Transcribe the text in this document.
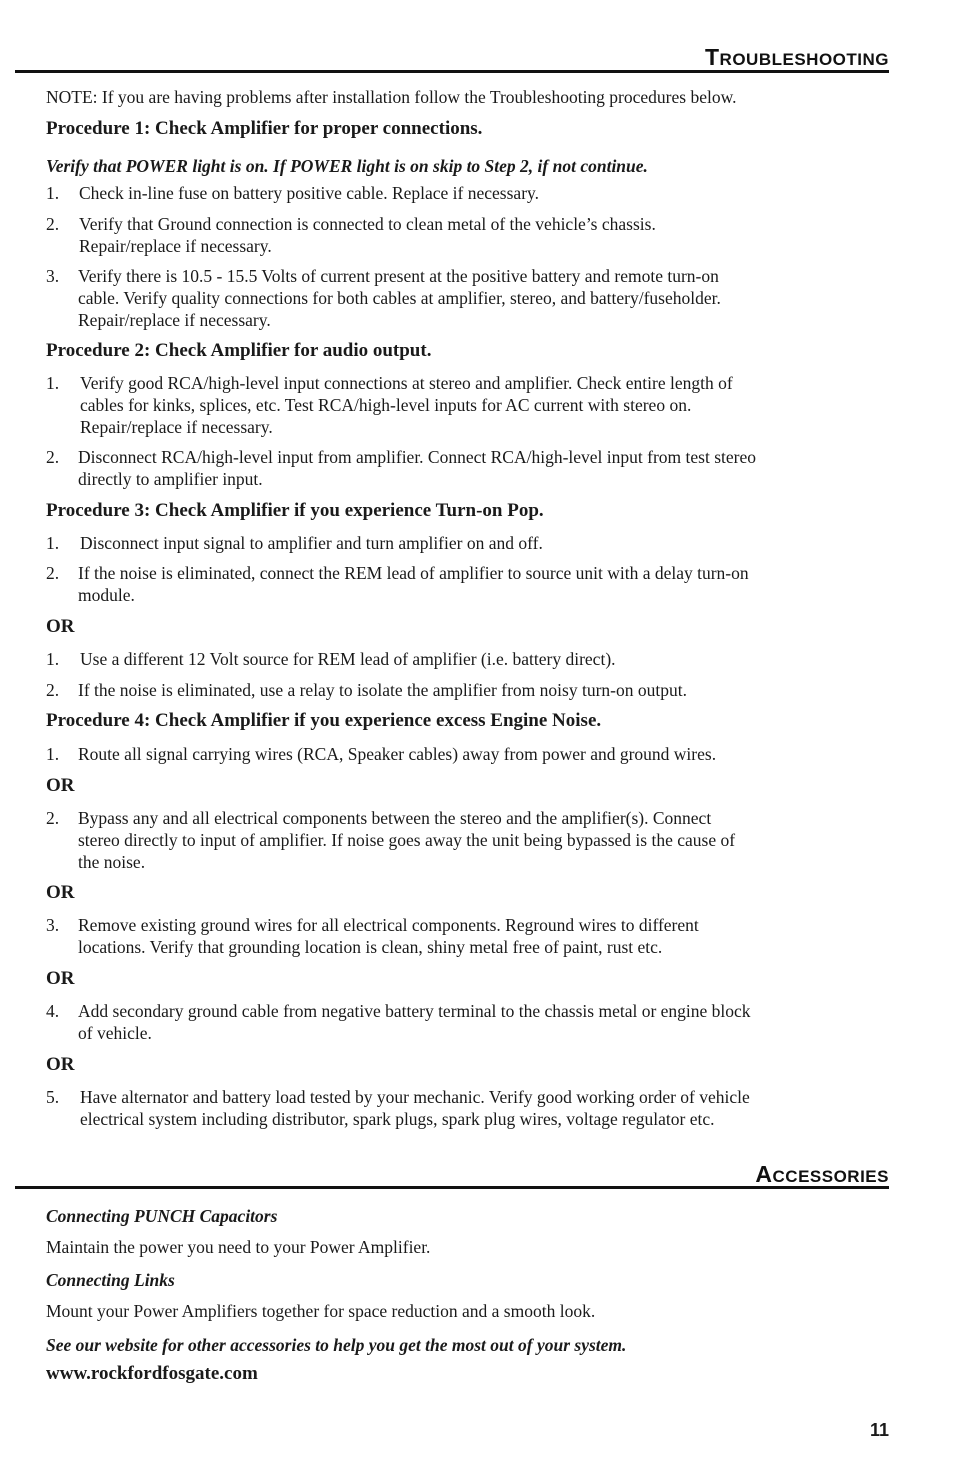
TROUBLESHOOTING
NOTE: If you are having problems after installation follow the Troubleshooting procedures below.
Procedure 1: Check Amplifier for proper connections.
Verify that POWER light is on. If POWER light is on skip to Step 2, if not continue.
1. Check in-line fuse on battery positive cable. Replace if necessary.
2. Verify that Ground connection is connected to clean metal of the vehicle’s chassis.
Repair/replace if necessary.
3. Verify there is 10.5 - 15.5 Volts of current present at the positive battery and remote turn-on
cable. Verify quality connections for both cables at amplifier, stereo, and battery/fuseholder.
Repair/replace if necessary.
Procedure 2: Check Amplifier for audio output.
1. Verify good RCA/high-level input connections at stereo and amplifier. Check entire length of
cables for kinks, splices, etc. Test RCA/high-level inputs for AC current with stereo on.
Repair/replace if necessary.
2. Disconnect RCA/high-level input from amplifier. Connect RCA/high-level input from test stereo
directly to amplifier input.
Procedure 3: Check Amplifier if you experience Turn-on Pop.
1. Disconnect input signal to amplifier and turn amplifier on and off.
2. If the noise is eliminated, connect the REM lead of amplifier to source unit with a delay turn-on
module.
OR
1. Use a different 12 Volt source for REM lead of amplifier (i.e. battery direct).
2. If the noise is eliminated, use a relay to isolate the amplifier from noisy turn-on output.
Procedure 4: Check Amplifier if you experience excess Engine Noise.
1. Route all signal carrying wires (RCA, Speaker cables) away from power and ground wires.
OR
2. Bypass any and all electrical components between the stereo and the amplifier(s). Connect
stereo directly to input of amplifier. If noise goes away the unit being bypassed is the cause of
the noise.
OR
3. Remove existing ground wires for all electrical components. Reground wires to different
locations. Verify that grounding location is clean, shiny metal free of paint, rust etc.
OR
4. Add secondary ground cable from negative battery terminal to the chassis metal or engine block
of vehicle.
OR
5. Have alternator and battery load tested by your mechanic. Verify good working order of vehicle
electrical system including distributor, spark plugs, spark plug wires, voltage regulator etc.
ACCESSORIES
Connecting PUNCH Capacitors
Maintain the power you need to your Power Amplifier.
Connecting Links
Mount your Power Amplifiers together for space reduction and a smooth look.
See our website for other accessories to help you get the most out of your system.
www.rockfordfosgate.com
11
